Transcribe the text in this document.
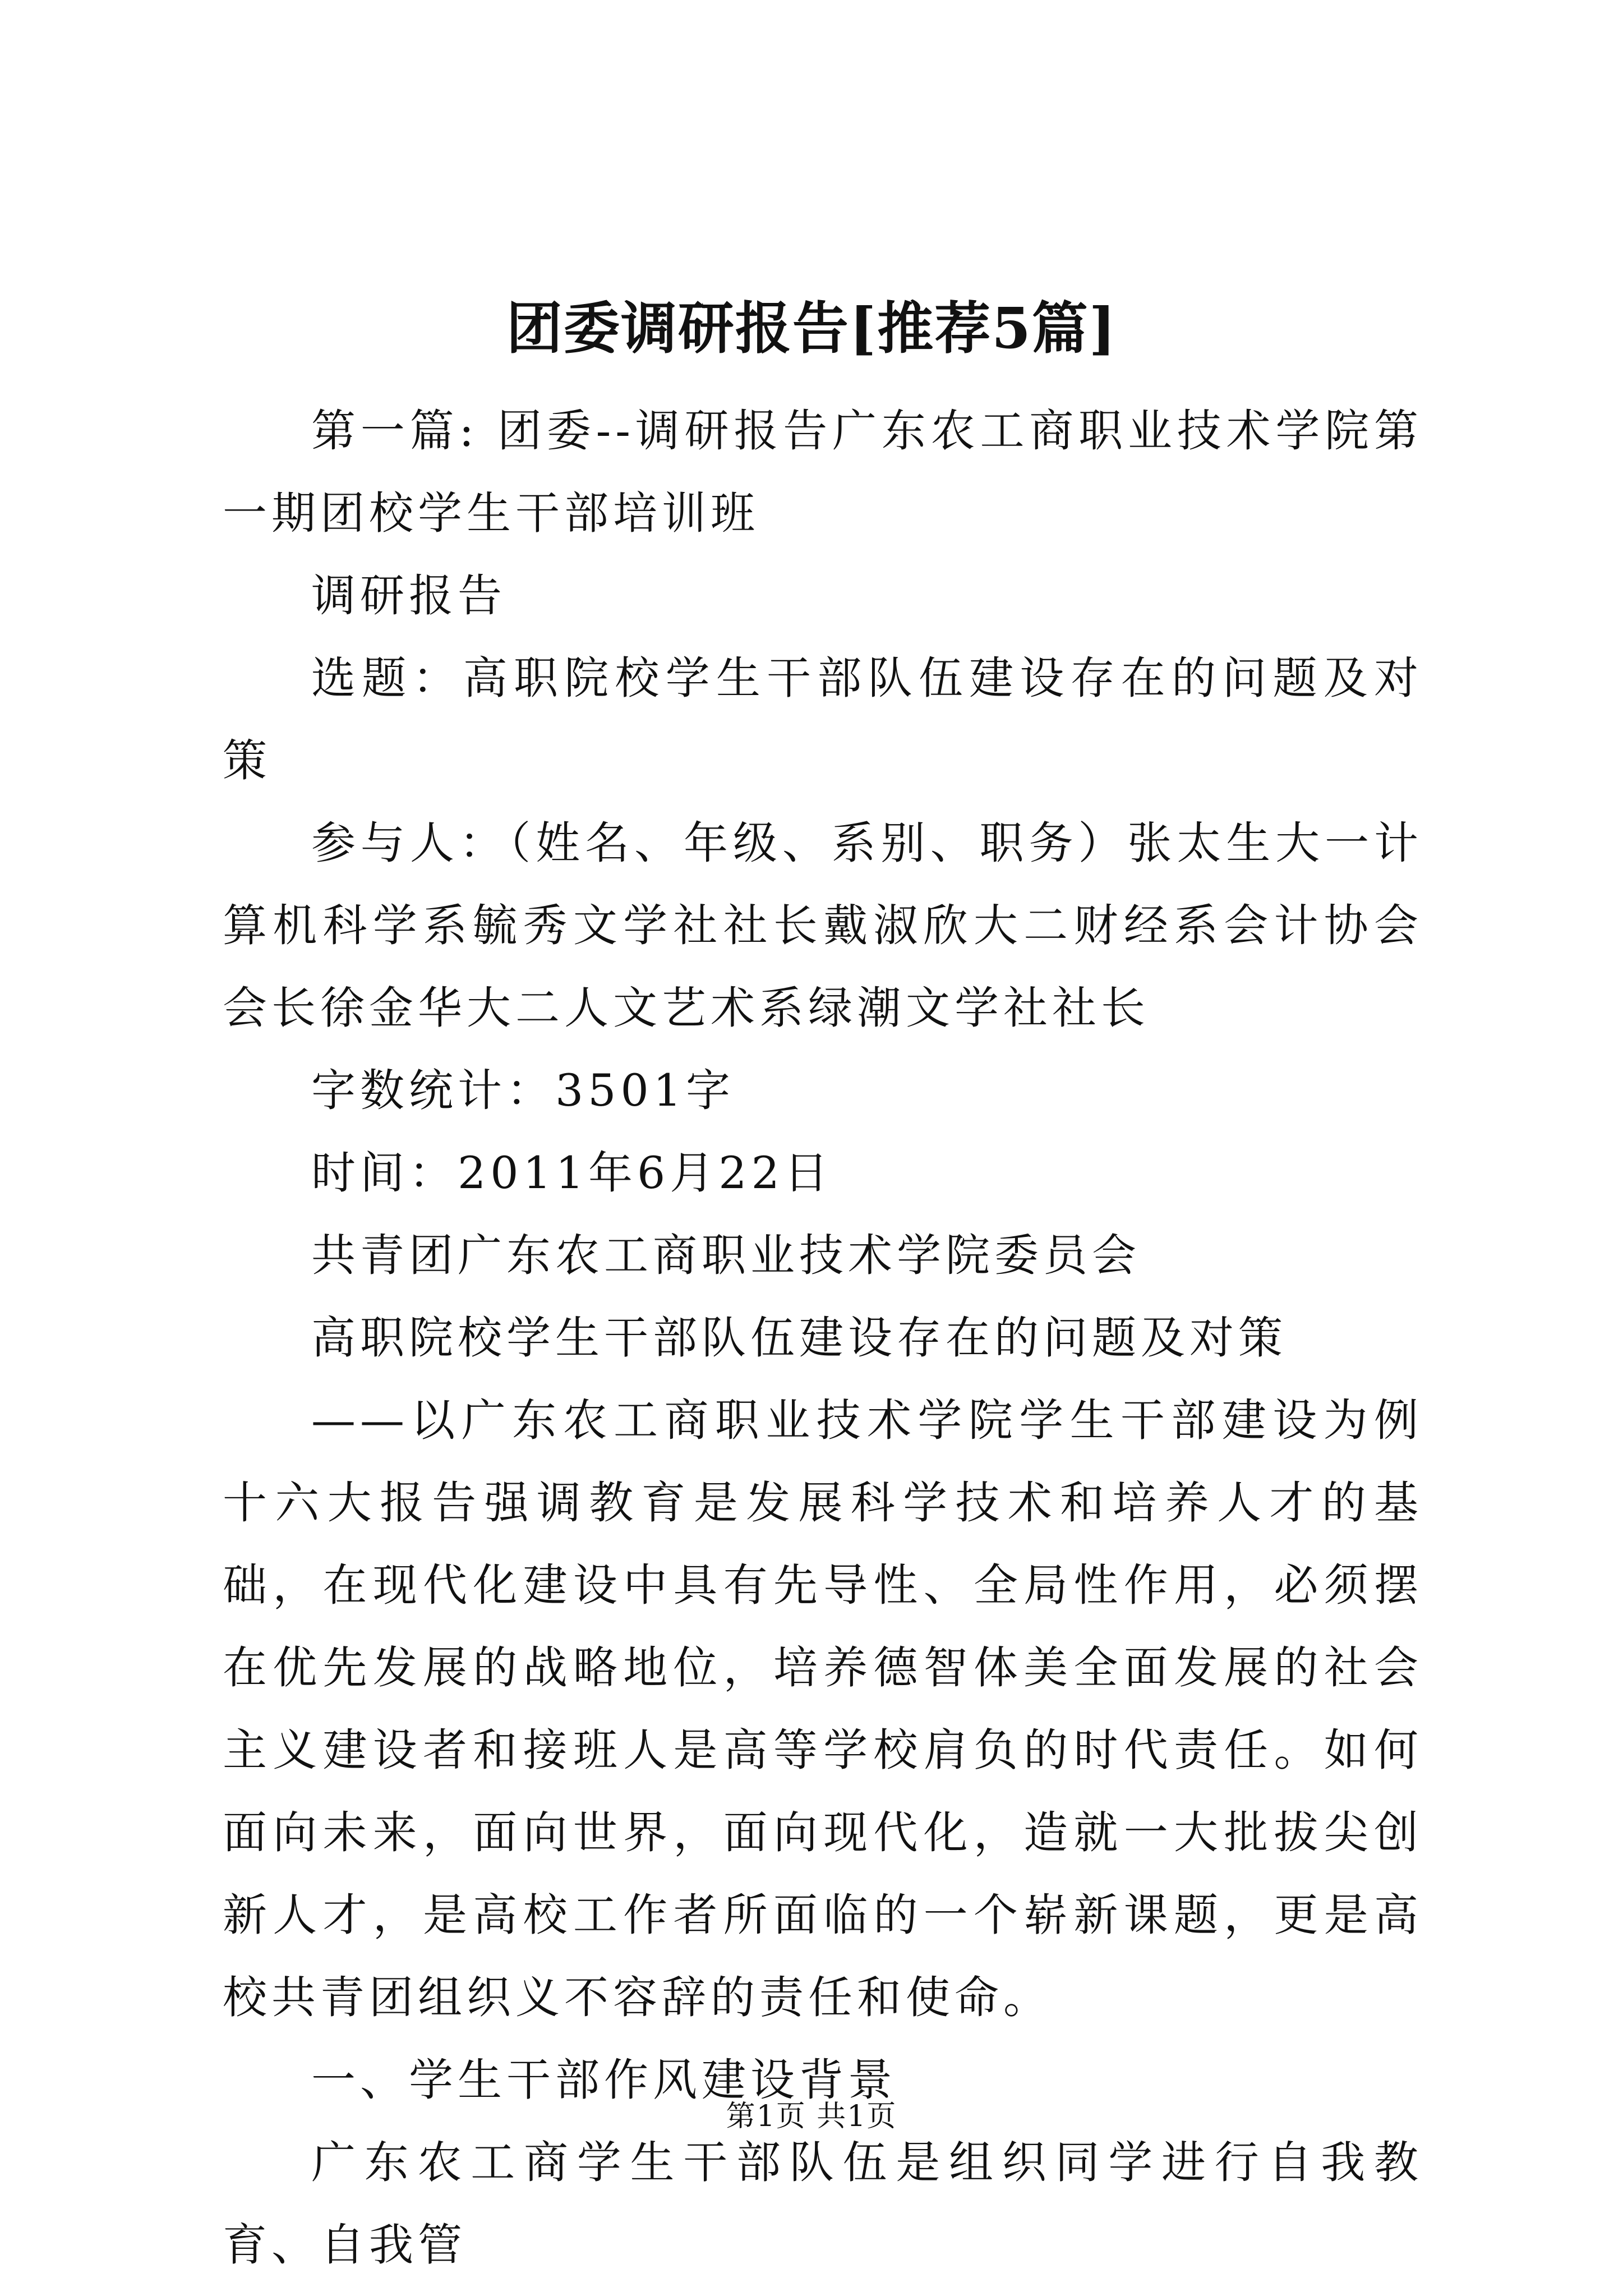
团委调研报告[推荐5篇]

第一篇: 团委--调研报告广东农工商职业技术学院第一期团校学生干部培训班

调研报告

选题：高职院校学生干部队伍建设存在的问题及对策

参与人：（姓名、年级、系别、职务）张太生大一计算机科学系毓秀文学社社长戴淑欣大二财经系会计协会会长徐金华大二人文艺术系绿潮文学社社长

字数统计：3501字

时间：2011年6月22日

共青团广东农工商职业技术学院委员会

高职院校学生干部队伍建设存在的问题及对策

——以广东农工商职业技术学院学生干部建设为例十六大报告强调教育是发展科学技术和培养人才的基础，在现代化建设中具有先导性、全局性作用，必须摆在优先发展的战略地位，培养德智体美全面发展的社会主义建设者和接班人是高等学校肩负的时代责任。如何面向未来，面向世界，面向现代化，造就一大批拔尖创新人才，是高校工作者所面临的一个崭新课题，更是高校共青团组织义不容辞的责任和使命。

一、学生干部作风建设背景

广东农工商学生干部队伍是组织同学进行自我教育、自我管

第1页 共1页
